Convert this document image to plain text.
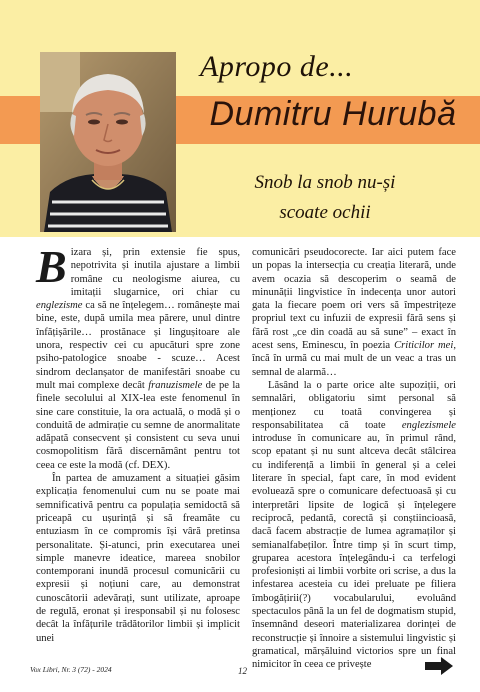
Apropo de...
Dumitru Hurubă
Snob la snob nu-și
scoate ochii

Bizara și, prin extensie fie spus, nepotrivita și inutila ajustare a limbii române cu neologisme aiurea, cu imitații slugarnice, ori chiar cu englezisme ca să ne înțelegem… românește mai bine, este, după umila mea părere, unul dintre înfățișările… prostănace și lingușitoare ale unora, respectiv cei cu apucături spre zone psiho-patologice snoabe - scuze… Acest sindrom declanșator de manifestări snoabe cu mult mai complexe decât franuzismele de pe la finele secolului al XIX-lea este fenomenul în sine care constituie, la ora actuală, o modă și o conduită de admirație cu semne de anormalitate adăpată consecvent și consistent cu seva unui cosmopolitism fără discernământ pentru tot ceea ce este la modă (cf. DEX).

În partea de amuzament a situației găsim explicația fenomenului cum nu se poate mai semnificativă pentru ca populația semidoctă să priceapă cu ușurință și să freamăte cu entuziasm în ce compromis își vâră pretinsa personalitate. Și-atunci, prin executarea unei simple manevre ideatice, mareea snobilor contemporani inundă procesul comunicării cu expresii și noțiuni care, au demonstrat cunoscătorii adevărați, sunt utilizate, aproape de regulă, eronat și iresponsabil și nu folosesc decât la înfățurile trădătorilor limbii și implicit unei

comunicări pseudocorecte. Iar aici putem face un popas la intersecția cu creația literară, unde avem ocazia să descoperim o seamă de minunății lingvistice în indecența unor autori gata la fiecare poem ori vers să împestrițeze propriul text cu infuzii de expresii fără sens și fără rost „ce din coadă au să sune” – exact în acest sens, Eminescu, în poezia Criticilor mei, încă în urmă cu mai mult de un veac a tras un semnal de alarmă…

Lăsând la o parte orice alte supoziții, ori semnalări, obligatoriu simt personal să menționez cu toată convingerea și responsabilitatea că toate englezismele introduse în comunicare au, în primul rând, scop epatant și nu sunt altceva decât stâlcirea cu indiferență a limbii în general și a celei literare în special, fapt care, în mod evident evoluează spre o comunicare defectuoasă și cu interpretări lipsite de logică și înțelegere reciprocă, pedantă, corectă și conștiincioasă, dacă facem abstracție de lumea agramaților și semianalfabeților. Între timp și în scurt timp, gruparea acestora înțelegându-i ca terfelogi profesioniști ai limbii vorbite ori scrise, a dus la infestarea acesteia cu idei preluate pe filiera îmbogățirii(?) vocabularului, evoluând spectaculos până la un fel de dogmatism stupid, însemnând deseori materializarea dorinței de reconstrucție și înnoire a sistemului lingvistic și gramatical, mărșăluind victorios spre un final nimicitor în ceea ce privește

Vox Libri, Nr. 3 (72) - 2024	12
